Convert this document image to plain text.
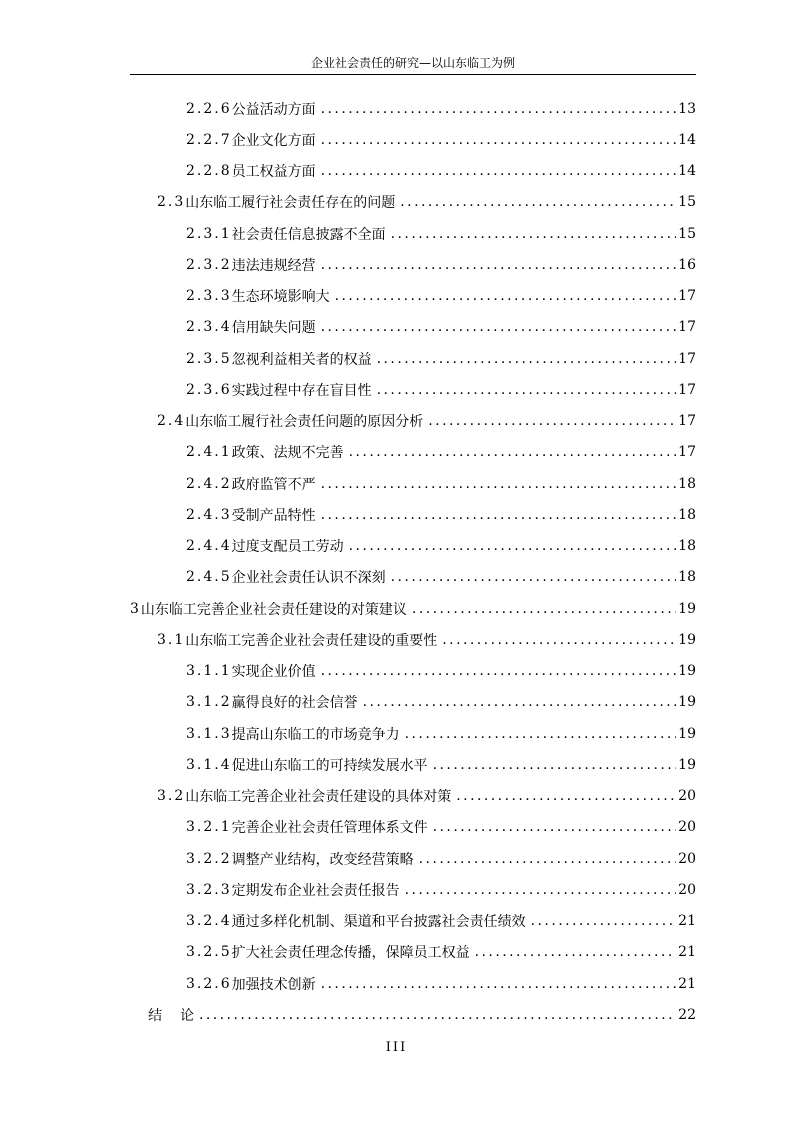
企业社会责任的研究—以山东临工为例
2.2.6 公益活动方面 . . .	13
2.2.7 企业文化方面 . . .	14
2.2.8 员工权益方面 . . .	14
2.3 山东临工履行社会责任存在的问题 . . .	15
2.3.1 社会责任信息披露不全面 . . .	15
2.3.2 违法违规经营 . . .	16
2.3.3 生态环境影响大 . . .	17
2.3.4 信用缺失问题 . . .	17
2.3.5 忽视利益相关者的权益 . . .	17
2.3.6 实践过程中存在盲目性 . . .	17
2.4 山东临工履行社会责任问题的原因分析 . . .	17
2.4.1 政策、法规不完善 . . .	17
2.4.2 政府监管不严 . . .	18
2.4.3 受制产品特性 . . .	18
2.4.4 过度支配员工劳动 . . .	18
2.4.5 企业社会责任认识不深刻 . . .	18
3 山东临工完善企业社会责任建设的对策建议 . . .	19
3.1 山东临工完善企业社会责任建设的重要性 . . .	19
3.1.1 实现企业价值 . . .	19
3.1.2 赢得良好的社会信誉 . . .	19
3.1.3 提高山东临工的市场竞争力 . . .	19
3.1.4 促进山东临工的可持续发展水平 . . .	19
3.2 山东临工完善企业社会责任建设的具体对策 . . .	20
3.2.1 完善企业社会责任管理体系文件 . . .	20
3.2.2 调整产业结构，改变经营策略 . . .	20
3.2.3 定期发布企业社会责任报告 . . .	20
3.2.4 通过多样化机制、渠道和平台披露社会责任绩效 . . .	21
3.2.5 扩大社会责任理念传播，保障员工权益 . . .	21
3.2.6 加强技术创新 . . .	21
结    论 . . .	22
III
